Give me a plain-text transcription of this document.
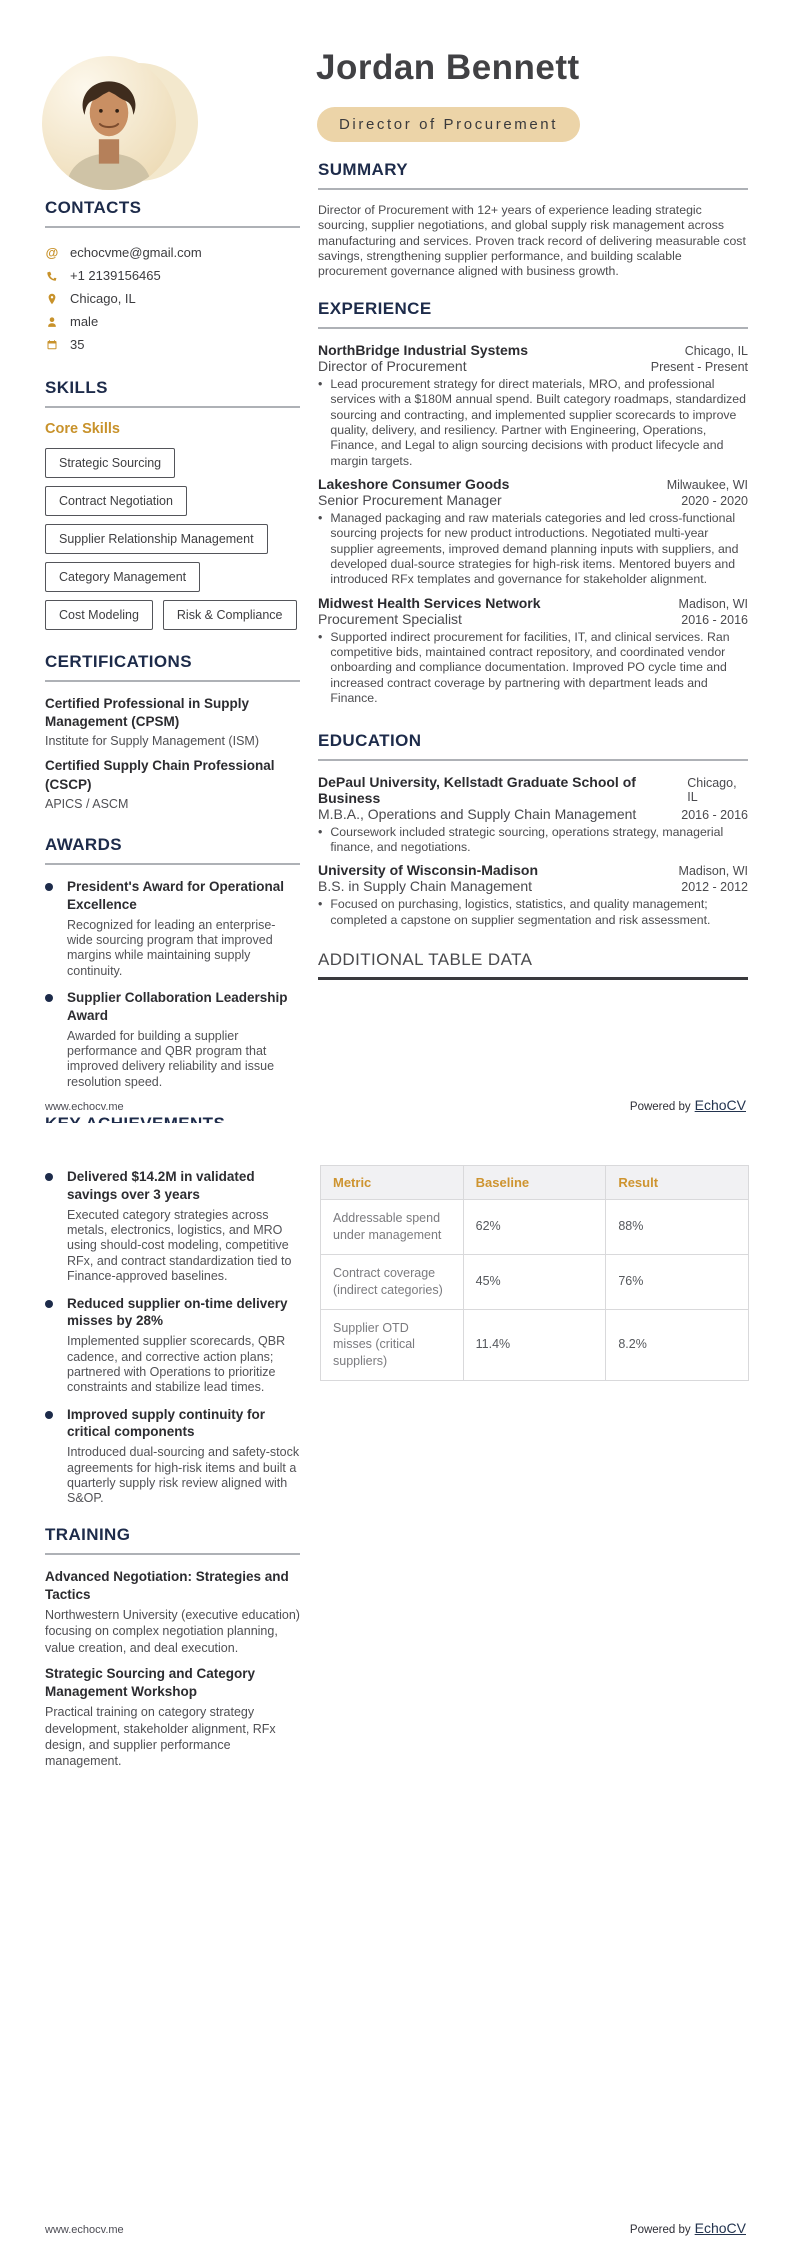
Jordan Bennett
Director of Procurement
CONTACTS
@ echocvme@gmail.com
+1 2139156465
Chicago, IL
male
35
SKILLS
Core Skills
Strategic Sourcing
Contract Negotiation
Supplier Relationship Management
Category Management
Cost Modeling	Risk & Compliance
CERTIFICATIONS
Certified Professional in Supply Management (CPSM)

Institute for Supply Management (ISM)

Certified Supply Chain Professional (CSCP)

APICS / ASCM

AWARDS
President's Award for Operational Excellence

Recognized for leading an enterprise-wide sourcing program that improved margins while maintaining supply continuity.

Supplier Collaboration Leadership Award

Awarded for building a supplier performance and QBR program that improved delivery reliability and issue resolution speed.

SUMMARY

Director of Procurement with 12+ years of experience leading strategic sourcing, supplier negotiations, and global supply risk management across manufacturing and services. Proven track record of delivering measurable cost savings, strengthening supplier performance, and building scalable procurement governance aligned with business growth.

EXPERIENCE
NorthBridge Industrial Systems	Chicago, IL
Director of Procurement	Present - Present
• Lead procurement strategy for direct materials, MRO, and professional services with a $180M annual spend. Built category roadmaps, standardized sourcing and contracting, and implemented supplier scorecards to improve quality, delivery, and resiliency. Partner with Engineering, Operations, Finance, and Legal to align sourcing decisions with product lifecycle and margin targets.

Lakeshore Consumer Goods	Milwaukee, WI
Senior Procurement Manager	2020 - 2020
• Managed packaging and raw materials categories and led cross-functional sourcing projects for new product introductions. Negotiated multi-year supplier agreements, improved demand planning inputs with suppliers, and developed dual-source strategies for high-risk items. Mentored buyers and introduced RFx templates and governance for stakeholder alignment.

Midwest Health Services Network	Madison, WI
Procurement Specialist	2016 - 2016
• Supported indirect procurement for facilities, IT, and clinical services. Ran competitive bids, maintained contract repository, and coordinated vendor onboarding and compliance documentation. Improved PO cycle time and increased contract coverage by partnering with department leads and Finance.

EDUCATION
DePaul University, Kellstadt Graduate School of Business
Chicago, IL
M.B.A., Operations and Supply Chain Management	2016 - 2016
• Coursework included strategic sourcing, operations strategy, managerial finance, and negotiations.

University of Wisconsin-Madison	Madison, WI
B.S. in Supply Chain Management	2012 - 2012
• Focused on purchasing, logistics, statistics, and quality management; completed a capstone on supplier segmentation and risk assessment.

ADDITIONAL TABLE DATA
www.echocv.me	Powered by EchoCV
Delivered $14.2M in validated savings over 3 years

Executed category strategies across metals, electronics, logistics, and MRO using should-cost modeling, competitive RFx, and contract standardization tied to Finance-approved baselines.

Reduced supplier on-time delivery misses by 28%

Implemented supplier scorecards, QBR cadence, and corrective action plans; partnered with Operations to prioritize constraints and stabilize lead times.

Improved supply continuity for critical components

Introduced dual-sourcing and safety-stock agreements for high-risk items and built a quarterly supply risk review aligned with S&OP.

TRAINING
Advanced Negotiation: Strategies and Tactics

Northwestern University (executive education) focusing on complex negotiation planning, value creation, and deal execution.

Strategic Sourcing and Category Management Workshop

Practical training on category strategy development, stakeholder alignment, RFx design, and supplier performance management.

Metric	Baseline	Result
Addressable spend under management	62%	88%
Contract coverage (indirect categories)	45%	76%
Supplier OTD misses (critical suppliers)	11.4%	8.2%
www.echocv.me	Powered by EchoCV
